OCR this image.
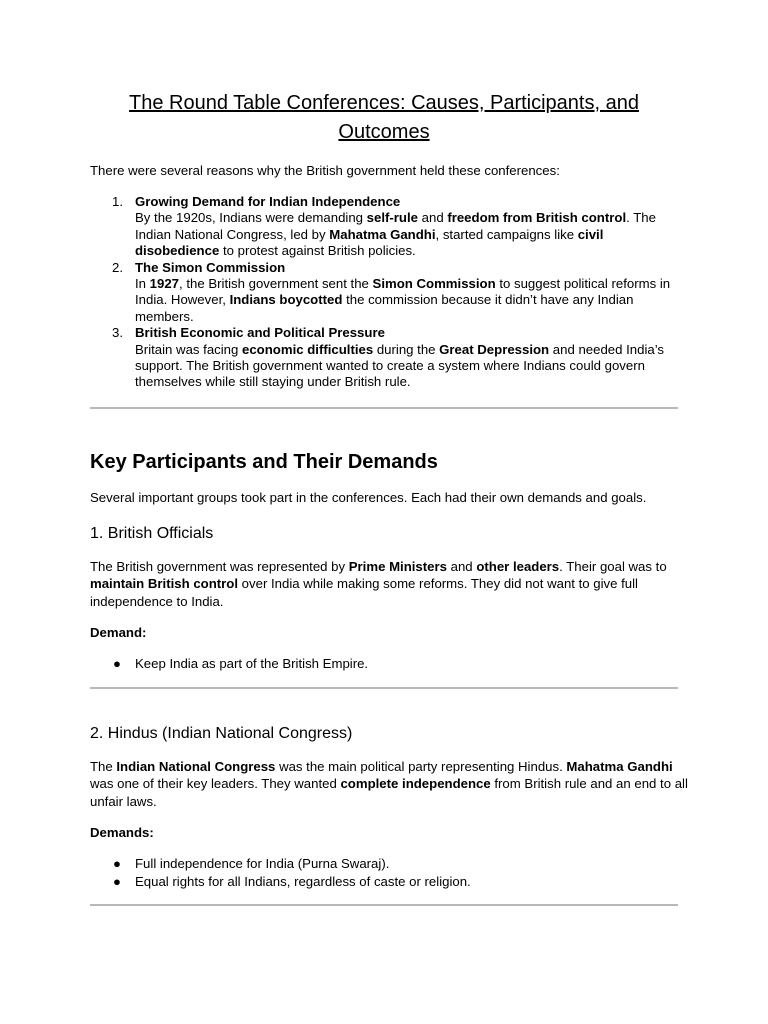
The Round Table Conferences: Causes, Participants, and Outcomes

There were several reasons why the British government held these conferences:

1. Growing Demand for Indian Independence
By the 1920s, Indians were demanding self-rule and freedom from British control. The Indian National Congress, led by Mahatma Gandhi, started campaigns like civil disobedience to protest against British policies.
2. The Simon Commission
In 1927, the British government sent the Simon Commission to suggest political reforms in India. However, Indians boycotted the commission because it didn’t have any Indian members.
3. British Economic and Political Pressure
Britain was facing economic difficulties during the Great Depression and needed India’s support. The British government wanted to create a system where Indians could govern themselves while still staying under British rule.
Key Participants and Their Demands

Several important groups took part in the conferences. Each had their own demands and goals.

1. British Officials

The British government was represented by Prime Ministers and other leaders. Their goal was to maintain British control over India while making some reforms. They did not want to give full independence to India.

Demand:

● Keep India as part of the British Empire.
2. Hindus (Indian National Congress)

The Indian National Congress was the main political party representing Hindus. Mahatma Gandhi was one of their key leaders. They wanted complete independence from British rule and an end to all unfair laws.

Demands:

● Full independence for India (Purna Swaraj).
● Equal rights for all Indians, regardless of caste or religion.
